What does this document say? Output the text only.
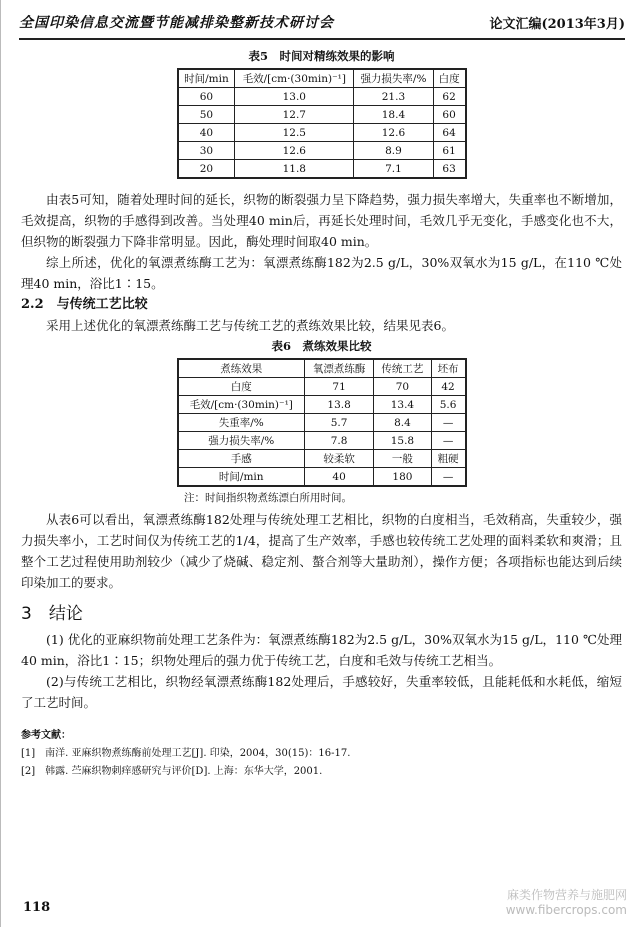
全国印染信息交流暨节能减排染整新技术研讨会	论文汇编(2013年3月)
表5　时间对精练效果的影响
时间/min	毛效/[cm·(30min)⁻¹]	强力损失率/%	白度
60	13.0	21.3	62
50	12.7	18.4	60
40	12.5	12.6	64
30	12.6	8.9	61
20	11.8	7.1	63

由表5可知，随着处理时间的延长，织物的断裂强力呈下降趋势，强力损失率增大，失重率也不断增加，毛效提高，织物的手感得到改善。当处理40 min后，再延长处理时间，毛效几乎无变化，手感变化也不大，但织物的断裂强力下降非常明显。因此，酶处理时间取40 min。

综上所述，优化的氧漂煮练酶工艺为：氧漂煮练酶182为2.5 g/L，30%双氧水为15 g/L，在110 ℃处理40 min，浴比1∶15。

2.2　与传统工艺比较

采用上述优化的氧漂煮练酶工艺与传统工艺的煮练效果比较，结果见表6。

表6　煮练效果比较
煮练效果	氧漂煮练酶	传统工艺	坯布
白度	71	70	42
毛效/[cm·(30min)⁻¹]	13.8	13.4	5.6
失重率/%	5.7	8.4	—
强力损失率/%	7.8	15.8	—
手感	较柔软	一般	粗硬
时间/min	40	180	—
注：时间指织物煮练漂白所用时间。

从表6可以看出，氧漂煮练酶182处理与传统处理工艺相比，织物的白度相当，毛效稍高，失重较少，强力损失率小，工艺时间仅为传统工艺的1/4，提高了生产效率，手感也较传统工艺处理的面料柔软和爽滑；且整个工艺过程使用助剂较少（减少了烧碱、稳定剂、螯合剂等大量助剂），操作方便；各项指标也能达到后续印染加工的要求。

3　结论

(1) 优化的亚麻织物前处理工艺条件为：氧漂煮练酶182为2.5 g/L，30%双氧水为15 g/L，110 ℃处理40 min，浴比1∶15；织物处理后的强力优于传统工艺，白度和毛效与传统工艺相当。

(2)与传统工艺相比，织物经氧漂煮练酶182处理后，手感较好，失重率较低，且能耗低和水耗低，缩短了工艺时间。

参考文献：
[1]　南洋. 亚麻织物煮练酶前处理工艺[J]. 印染，2004，30(15)：16-17.
[2]　韩露. 苎麻织物刺痒感研究与评价[D]. 上海：东华大学，2001.
118
麻类作物营养与施肥网
www.fibercrops.com
